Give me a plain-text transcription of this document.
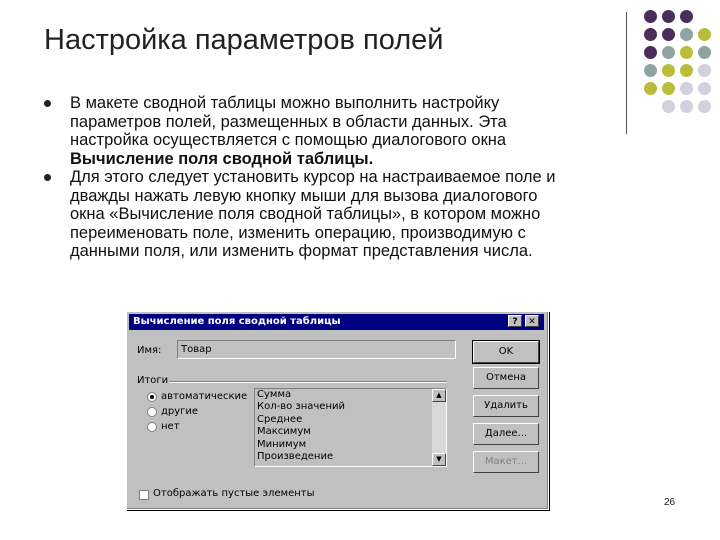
Настройка параметров полей
В макете сводной таблицы можно выполнить настройку
параметров полей, размещенных в области данных. Эта
настройка осуществляется с помощью диалогового окна
Вычисление поля сводной таблицы.
Для этого следует установить курсор на настраиваемое поле и
дважды нажать левую кнопку мыши для вызова диалогового
окна «Вычисление поля сводной таблицы», в котором можно
переименовать поле, изменить операцию, производимую с
данными поля, или изменить формат представления числа.
Вычисление поля сводной таблицы	?	✕
Имя:	Товар
Итоги
автоматические
другие
нет
Сумма
Кол-во значений
Среднее
Максимум
Минимум
Произведение
▲
▼
OK
Отмена
Удалить
Далее...
Макет...
Отображать пустые элементы
26
